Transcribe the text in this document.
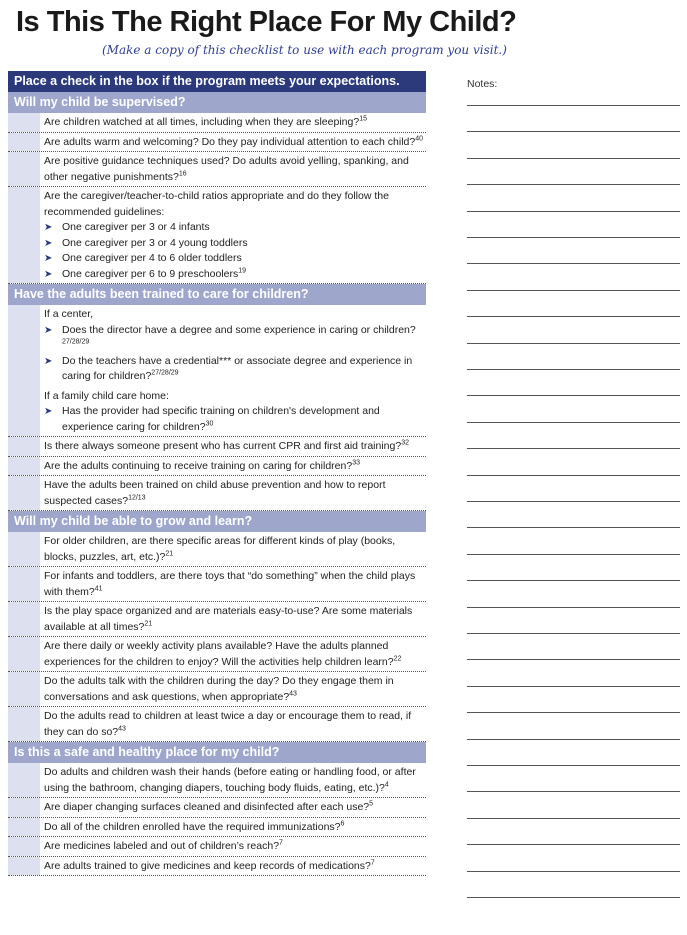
Is This The Right Place For My Child?
(Make a copy of this checklist to use with each program you visit.)
Place a check in the box if the program meets your expectations.
Will my child be supervised?

Are children watched at all times, including when they are sleeping?$^{15}$

Are adults warm and welcoming? Do they pay individual attention to each child?$^{40}$

Are positive guidance techniques used? Do adults avoid yelling, spanking, and other negative punishments?$^{16}$

Are the caregiver/teacher-to-child ratios appropriate and do they follow the recommended guidelines:

➤ One caregiver per 3 or 4 infants

➤ One caregiver per 3 or 4 young toddlers

➤ One caregiver per 4 to 6 older toddlers

➤ One caregiver per 6 to 9 preschoolers$^{19}$

Have the adults been trained to care for children?

If a center,

➤ Does the director have a degree and some experience in caring or children? $^{27/28/29}$

➤ Do the teachers have a credential*** or associate degree and experience in caring for children?$^{27/28/29}$

If a family child care home:

➤ Has the provider had specific training on children's development and experience caring for children?$^{30}$

Is there always someone present who has current CPR and first aid training?$^{32}$

Are the adults continuing to receive training on caring for children?$^{33}$

Have the adults been trained on child abuse prevention and how to report suspected cases?$^{12/13}$

Will my child be able to grow and learn?

For older children, are there specific areas for different kinds of play (books, blocks, puzzles, art, etc.)?$^{21}$

For infants and toddlers, are there toys that “do something” when the child plays with them?$^{41}$

Is the play space organized and are materials easy-to-use? Are some materials available at all times?$^{21}$

Are there daily or weekly activity plans available? Have the adults planned experiences for the children to enjoy? Will the activities help children learn?$^{22}$

Do the adults talk with the children during the day? Do they engage them in conversations and ask questions, when appropriate?$^{43}$

Do the adults read to children at least twice a day or encourage them to read, if they can do so?$^{43}$

Is this a safe and healthy place for my child?

Do adults and children wash their hands (before eating or handling food, or after using the bathroom, changing diapers, touching body fluids, eating, etc.)?$^4$

Are diaper changing surfaces cleaned and disinfected after each use?$^5$

Do all of the children enrolled have the required immunizations?$^6$

Are medicines labeled and out of children’s reach?$^7$

Are adults trained to give medicines and keep records of medications?$^7$

Notes:
